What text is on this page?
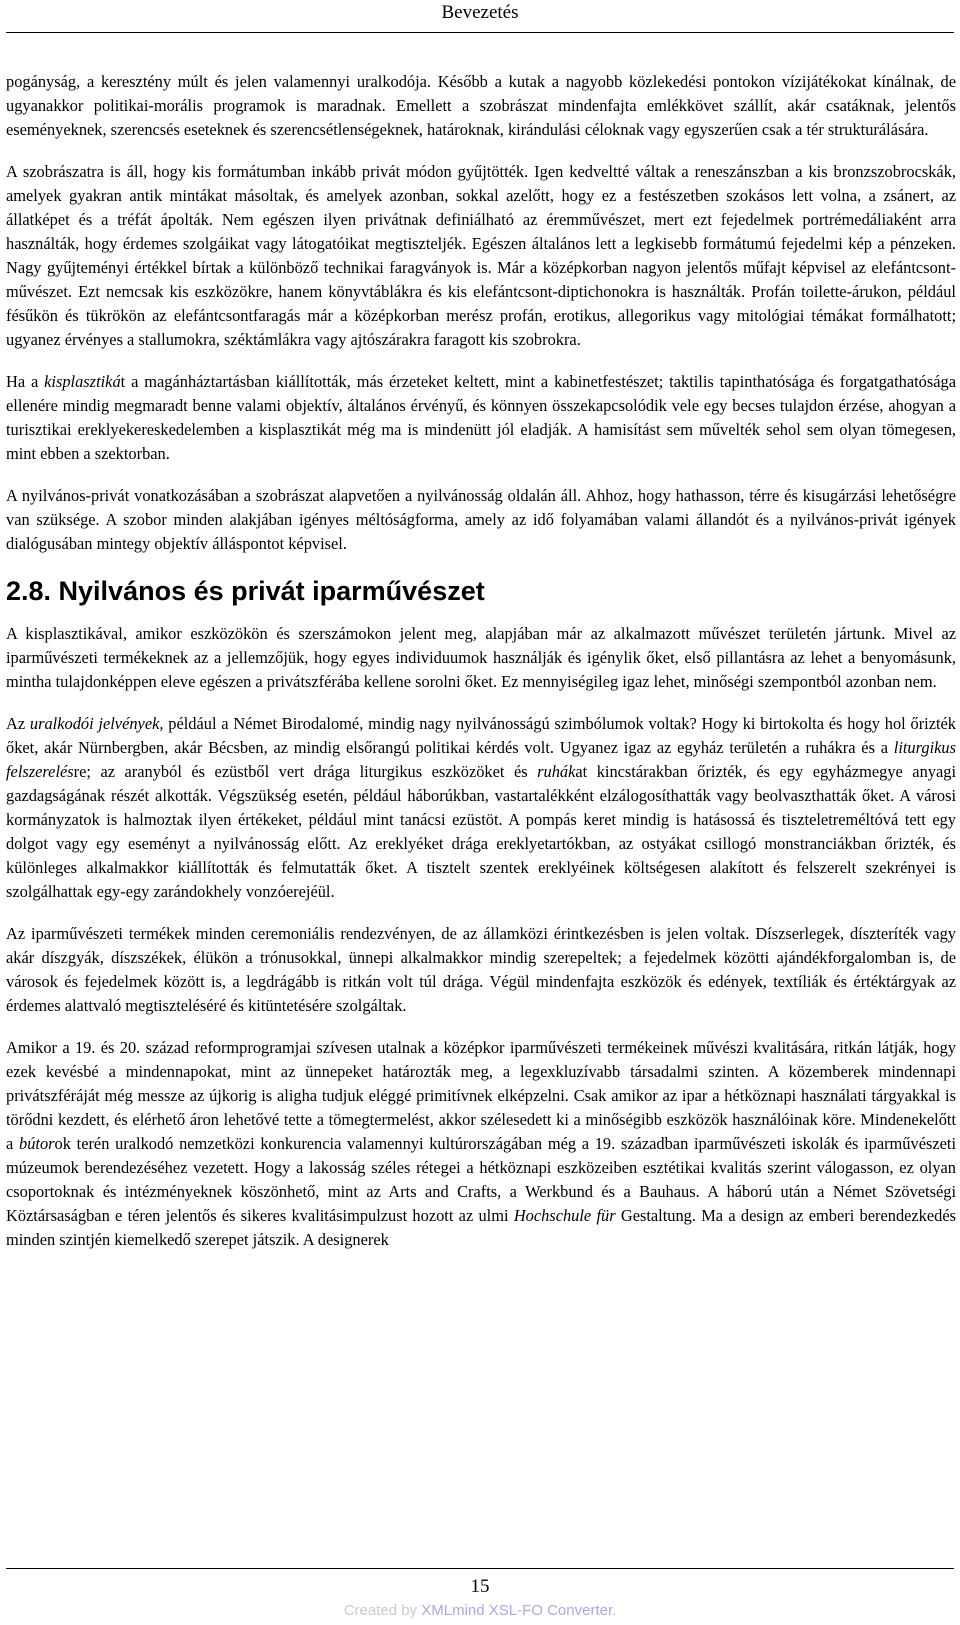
Bevezetés

pogányság, a keresztény múlt és jelen valamennyi uralkodója. Később a kutak a nagyobb közlekedési pontokon vízijátékokat kínálnak, de ugyanakkor politikai-morális programok is maradnak. Emellett a szobrászat mindenfajta emlékkövet szállít, akár csatáknak, jelentős eseményeknek, szerencsés eseteknek és szerencsétlenségeknek, határoknak, kirándulási céloknak vagy egyszerűen csak a tér strukturálására.

A szobrászatra is áll, hogy kis formátumban inkább privát módon gyűjtötték. Igen kedveltté váltak a reneszánszban a kis bronzszobrocskák, amelyek gyakran antik mintákat másoltak, és amelyek azonban, sokkal azelőtt, hogy ez a festészetben szokásos lett volna, a zsánert, az állatképet és a tréfát ápolták. Nem egészen ilyen privátnak definiálható az éremművészet, mert ezt fejedelmek portrémedáliaként arra használták, hogy érdemes szolgáikat vagy látogatóikat megtiszteljék. Egészen általános lett a legkisebb formátumú fejedelmi kép a pénzeken. Nagy gyűjteményi értékkel bírtak a különböző technikai faragványok is. Már a középkorban nagyon jelentős műfajt képvisel az elefántcsont-művészet. Ezt nemcsak kis eszközökre, hanem könyvtáblákra és kis elefántcsont-diptichonokra is használták. Profán toilette-árukon, például fésűkön és tükrökön az elefántcsontfaragás már a középkorban merész profán, erotikus, allegorikus vagy mitológiai témákat formálhatott; ugyanez érvényes a stallumokra, széktámlákra vagy ajtószárakra faragott kis szobrokra.

Ha a kisplasztikát a magánháztartásban kiállították, más érzeteket keltett, mint a kabinetfestészet; taktilis tapinthatósága és forgatgathatósága ellenére mindig megmaradt benne valami objektív, általános érvényű, és könnyen összekapcsolódik vele egy becses tulajdon érzése, ahogyan a turisztikai ereklyekereskedelemben a kisplasztikát még ma is mindenütt jól eladják. A hamisítást sem művelték sehol sem olyan tömegesen, mint ebben a szektorban.

A nyilvános-privát vonatkozásában a szobrászat alapvetően a nyilvánosság oldalán áll. Ahhoz, hogy hathasson, térre és kisugárzási lehetőségre van szüksége. A szobor minden alakjában igényes méltóságforma, amely az idő folyamában valami állandót és a nyilvános-privát igények dialógusában mintegy objektív álláspontot képvisel.

2.8. Nyilvános és privát iparművészet

A kisplasztikával, amikor eszközökön és szerszámokon jelent meg, alapjában már az alkalmazott művészet területén jártunk. Mivel az iparművészeti termékeknek az a jellemzőjük, hogy egyes individuumok használják és igénylik őket, első pillantásra az lehet a benyomásunk, mintha tulajdonképpen eleve egészen a privátszférába kellene sorolni őket. Ez mennyiségileg igaz lehet, minőségi szempontból azonban nem.

Az uralkodói jelvények, például a Német Birodalomé, mindig nagy nyilvánosságú szimbólumok voltak? Hogy ki birtokolta és hogy hol őrizték őket, akár Nürnbergben, akár Bécsben, az mindig elsőrangú politikai kérdés volt. Ugyanez igaz az egyház területén a ruhákra és a liturgikus felszerelésre; az aranyból és ezüstből vert drága liturgikus eszközöket és ruhákat kincstárakban őrizték, és egy egyházmegye anyagi gazdagságának részét alkották. Végszükség esetén, például háborúkban, vastartalékként elzálogosíthatták vagy beolvaszthatták őket. A városi kormányzatok is halmoztak ilyen értékeket, például mint tanácsi ezüstöt. A pompás keret mindig is hatásossá és tiszteletreméltóvá tett egy dolgot vagy egy eseményt a nyilvánosság előtt. Az ereklyéket drága ereklyetartókban, az ostyákat csillogó monstranciákban őrizték, és különleges alkalmakkor kiállították és felmutatták őket. A tisztelt szentek ereklyéinek költségesen alakított és felszerelt szekrényei is szolgálhattak egy-egy zarándokhely vonzóerejéül.

Az iparművészeti termékek minden ceremoniális rendezvényen, de az államközi érintkezésben is jelen voltak. Díszserlegek, díszteríték vagy akár díszgyák, díszszékek, élükön a trónusokkal, ünnepi alkalmakkor mindig szerepeltek; a fejedelmek közötti ajándékforgalomban is, de városok és fejedelmek között is, a legdrágább is ritkán volt túl drága. Végül mindenfajta eszközök és edények, textíliák és értéktárgyak az érdemes alattvaló megtiszteléséré és kitüntetésére szolgáltak.

Amikor a 19. és 20. század reformprogramjai szívesen utalnak a középkor iparművészeti termékeinek művészi kvalitására, ritkán látják, hogy ezek kevésbé a mindennapokat, mint az ünnepeket határozták meg, a legexkluzívabb társadalmi szinten. A közemberek mindennapi privátszféráját még messze az újkorig is aligha tudjuk eléggé primitívnek elképzelni. Csak amikor az ipar a hétköznapi használati tárgyakkal is törődni kezdett, és elérhető áron lehetővé tette a tömegtermelést, akkor szélesedett ki a minőségibb eszközök használóinak köre. Mindenekelőtt a bútorok terén uralkodó nemzetközi konkurencia valamennyi kultúrországában még a 19. században iparművészeti iskolák és iparművészeti múzeumok berendezéséhez vezetett. Hogy a lakosság széles rétegei a hétköznapi eszközeiben esztétikai kvalitás szerint válogasson, ez olyan csoportoknak és intézményeknek köszönhető, mint az Arts and Crafts, a Werkbund és a Bauhaus. A háború után a Német Szövetségi Köztársaságban e téren jelentős és sikeres kvalitásimpulzust hozott az ulmi Hochschule für Gestaltung. Ma a design az emberi berendezkedés minden szintjén kiemelkedő szerepet játszik. A designerek

15
Created by XMLmind XSL-FO Converter.
